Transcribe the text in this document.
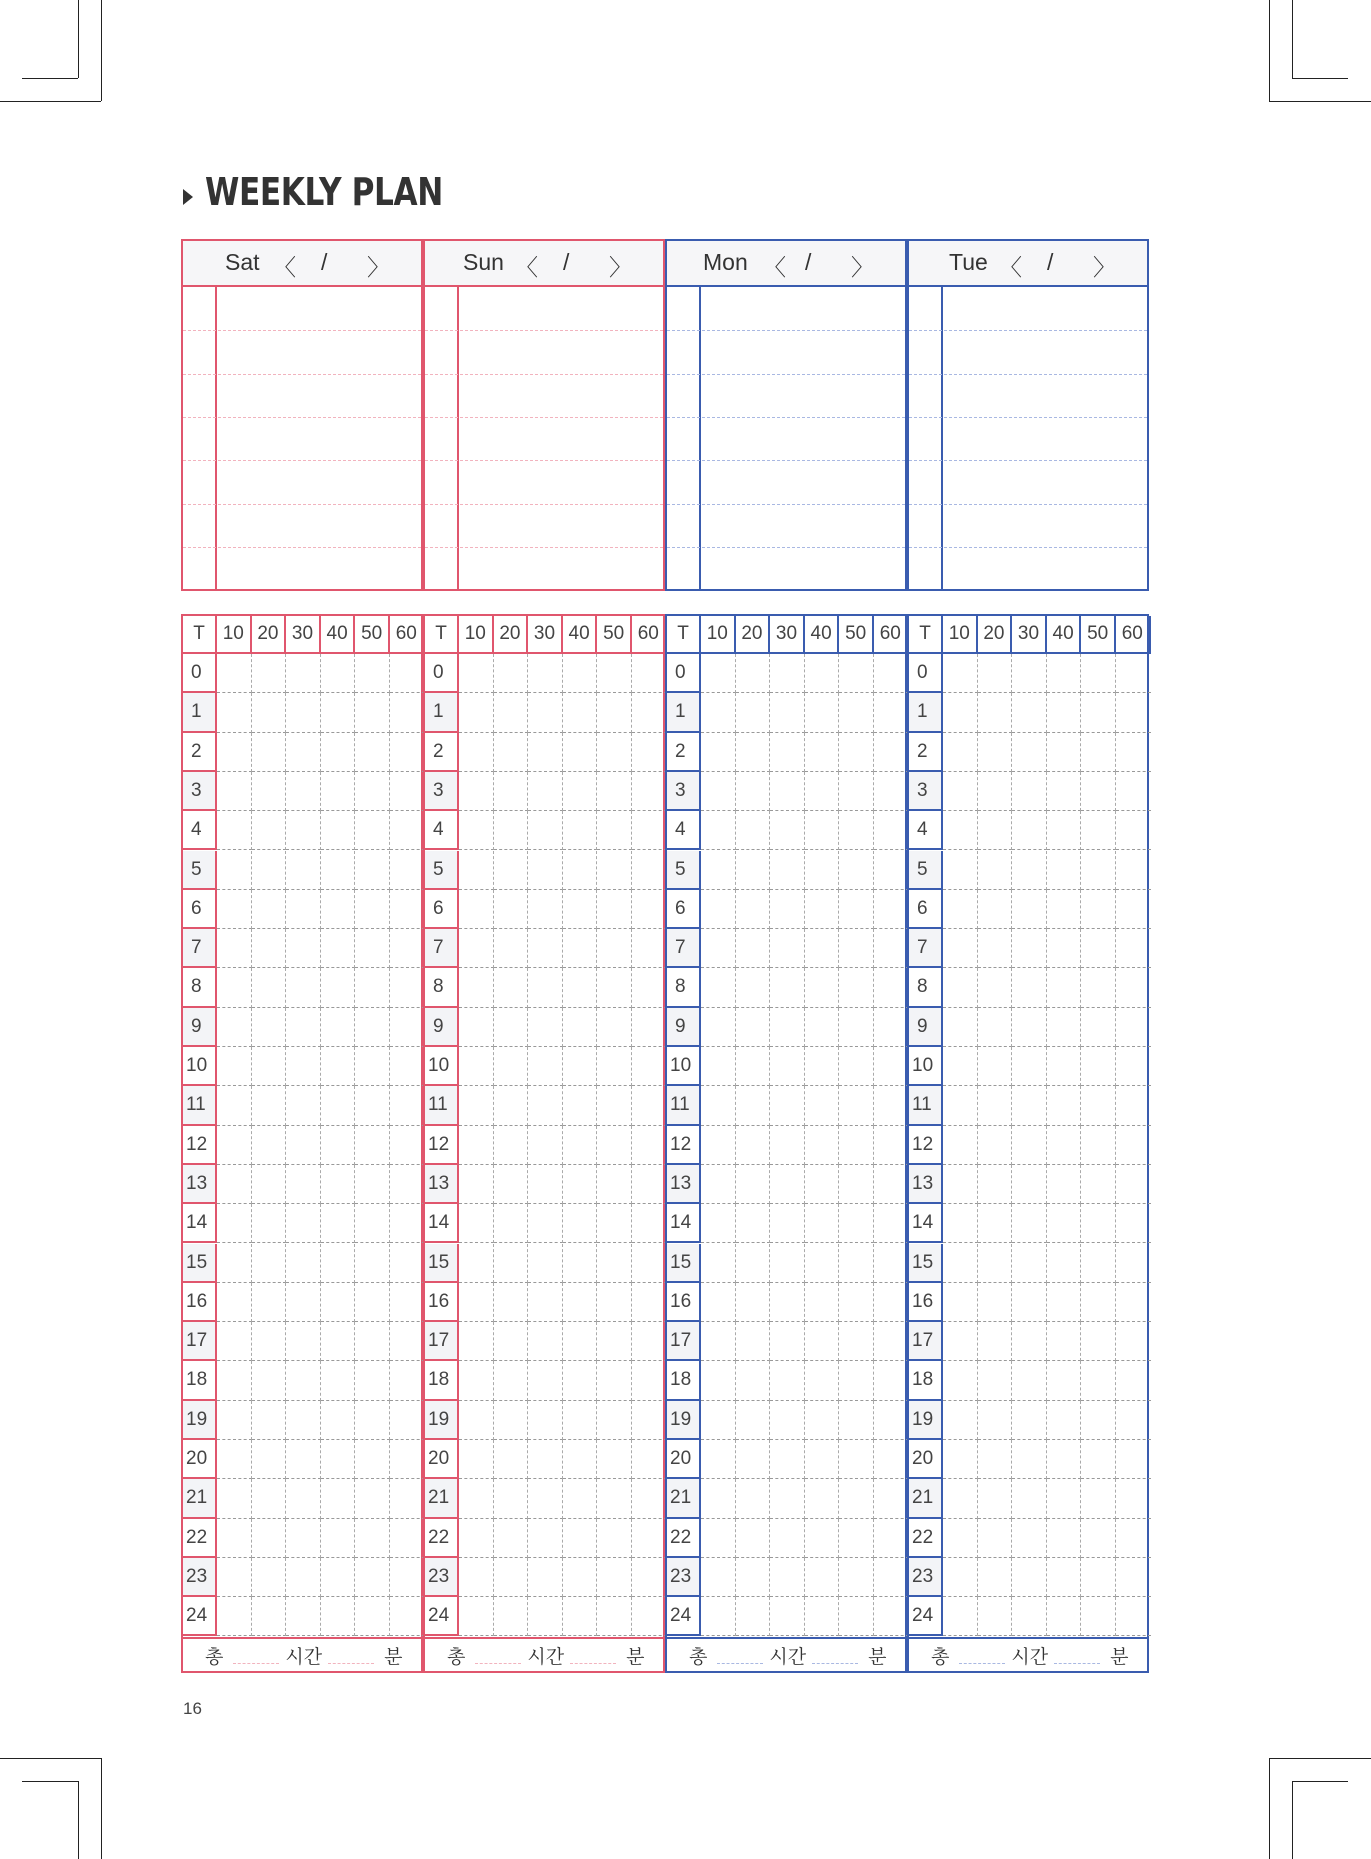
WEEKLY PLAN
Sat 〈 / 〉	Sun 〈 / 〉	Mon 〈 / 〉	Tue 〈 / 〉
T 10 20 30 40 50 60
0
1
2
3
4
5
6
7
8
9
10
11
12
13
14
15
16
17
18
19
20
21
22
23
24
총	시간	분
T 10 20 30 40 50 60
0
1
2
3
4
5
6
7
8
9
10
11
12
13
14
15
16
17
18
19
20
21
22
23
24
총	시간	분
T 10 20 30 40 50 60
0
1
2
3
4
5
6
7
8
9
10
11
12
13
14
15
16
17
18
19
20
21
22
23
24
총	시간	분
T 10 20 30 40 50 60
0
1
2
3
4
5
6
7
8
9
10
11
12
13
14
15
16
17
18
19
20
21
22
23
24
총	시간	분
16
